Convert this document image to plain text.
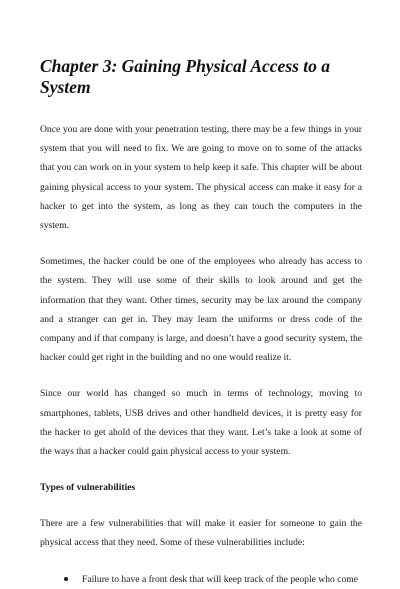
Chapter 3: Gaining Physical Access to a System

Once you are done with your penetration testing, there may be a few things in your system that you will need to fix. We are going to move on to some of the attacks that you can work on in your system to help keep it safe. This chapter will be about gaining physical access to your system. The physical access can make it easy for a hacker to get into the system, as long as they can touch the computers in the system.

Sometimes, the hacker could be one of the employees who already has access to the system. They will use some of their skills to look around and get the information that they want. Other times, security may be lax around the company and a stranger can get in. They may learn the uniforms or dress code of the company and if that company is large, and doesn’t have a good security system, the hacker could get right in the building and no one would realize it.

Since our world has changed so much in terms of technology, moving to smartphones, tablets, USB drives and other handheld devices, it is pretty easy for the hacker to get ahold of the devices that they want. Let’s take a look at some of the ways that a hacker could gain physical access to your system.

Types of vulnerabilities

There are a few vulnerabilities that will make it easier for someone to gain the physical access that they need. Some of these vulnerabilities include:

Failure to have a front desk that will keep track of the people who come
